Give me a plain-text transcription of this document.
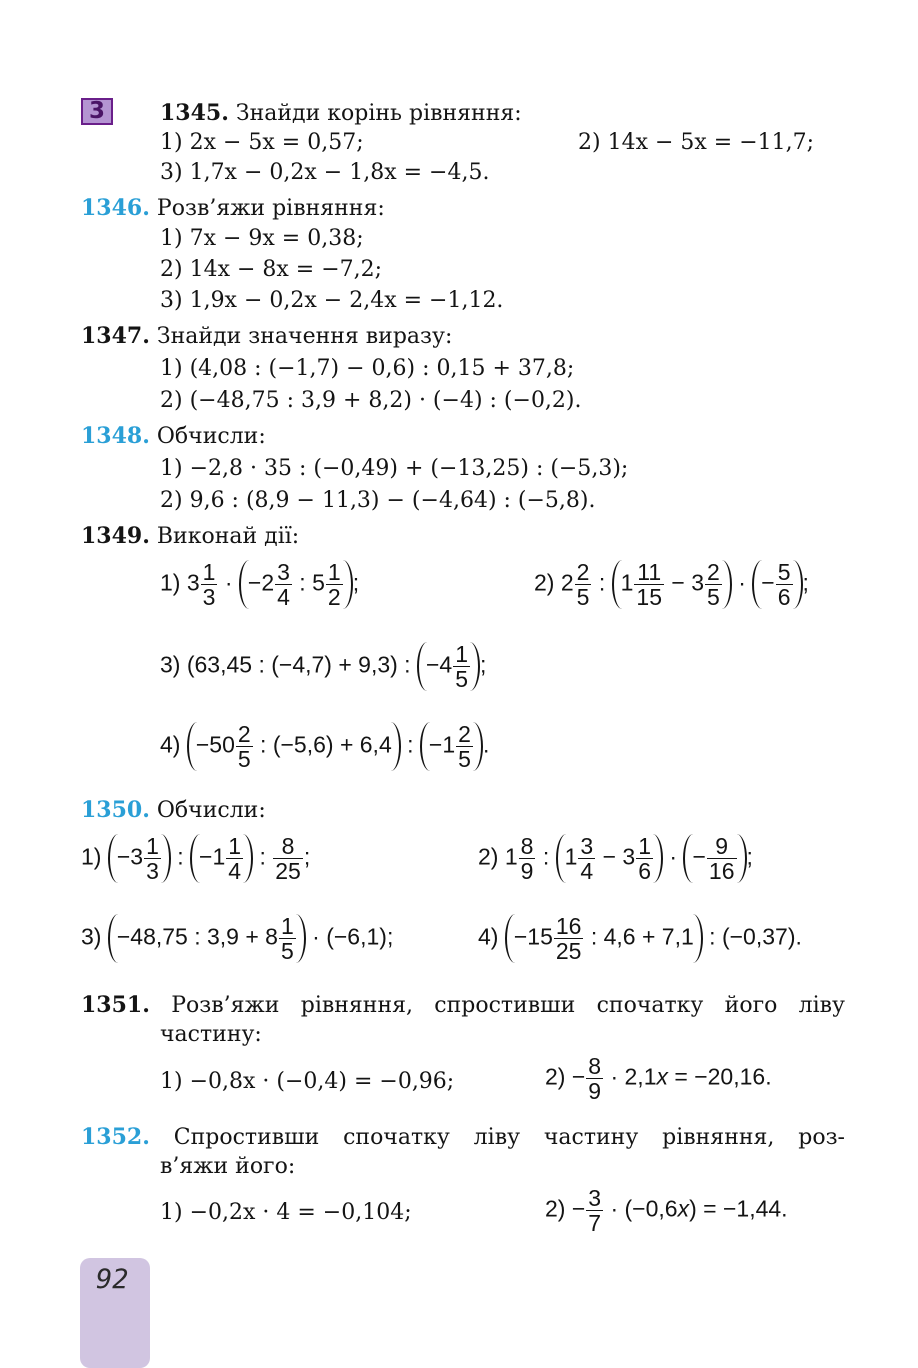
3 1345. Знайди корінь рівняння:
1) 2x − 5x = 0,57;	2) 14x − 5x = −11,7;
3) 1,7x − 0,2x − 1,8x = −4,5.
1346. Розв’яжи рівняння:
1) 7x − 9x = 0,38;
2) 14x − 8x = −7,2;
3) 1,9x − 0,2x − 2,4x = −1,12.
1347. Знайди значення виразу:
1) (4,08 : (−1,7) − 0,6) : 0,15 + 37,8;
2) (−48,75 : 3,9 + 8,2) · (−4) : (−0,2).
1348. Обчисли:
1) −2,8 · 35 : (−0,49) + (−13,25) : (−5,3);
2) 9,6 : (8,9 − 11,3) − (−4,64) : (−5,8).
1349. Виконай дії:
1) $3 \frac{1}{3} \cdot -2 \frac{3}{4}$ : $5 \frac{1}{2}$ ;	2) $2 \frac{2}{5}$ : $1 \frac{11}{15} - 3 \frac{2}{5}$ · − $\frac{5}{6}$ ;
3) (63,45 : (−4,7) + 9,3) : $-4 \frac{1}{5}$ ;
$4) -50 \frac{2}{5}$ : (−5,6) + 6,4 : $-1 \frac{2}{5}$ .
1350. Обчисли:
$1) -3 \frac{1}{3}$ : $-1 \frac{1}{4}$ : $\frac{8}{25}$ ;	2) $1 \frac{8}{9}$ : $1 \frac{3}{4} - 3 \frac{1}{6}$ · − $\frac{9}{16}$ ;
3) −48,75 : $3,9 + 8 \frac{1}{5} \cdot (-6,1)$;	$4) -15 \frac{16}{25}$ : 4,6 + 7,1 : (−0,37).
1351. Розв’яжи рівняння, спростивши спочатку його ліву
частину:
1) −0,8x · (−0,4) = −0,96;	$2) - \frac{8}{9} \cdot 2,1x = -20,16$.
1352. Спростивши спочатку ліву частину рівняння, роз-
в’яжи його:
1) −0,2x · 4 = −0,104;	$2) - \frac{3}{7} \cdot (-0,6x) = -1,44$.
92
